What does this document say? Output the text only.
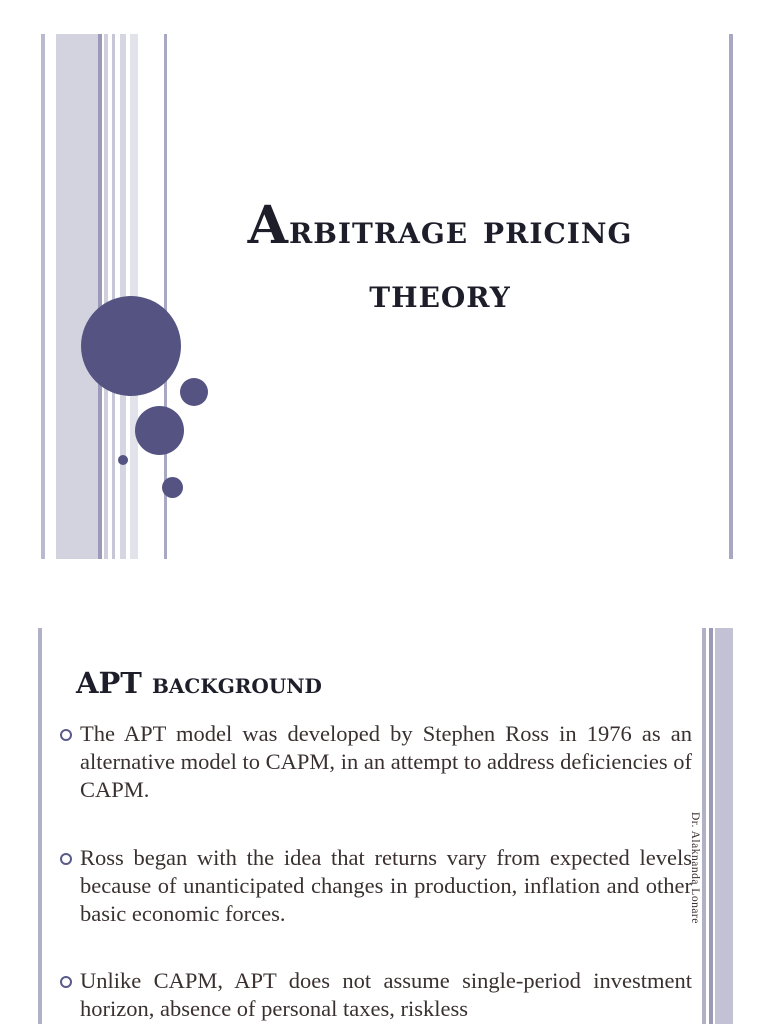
Arbitrage pricing
theory
APT background
The APT model was developed by Stephen Ross in 1976 as an alternative model to CAPM, in an attempt to address deficiencies of CAPM.
Ross began with the idea that returns vary from expected levels because of unanticipated changes in production, inflation and other basic economic forces.
Unlike CAPM, APT does not assume single-period investment horizon, absence of personal taxes, riskless
Dr. Alaknanda Lonare
